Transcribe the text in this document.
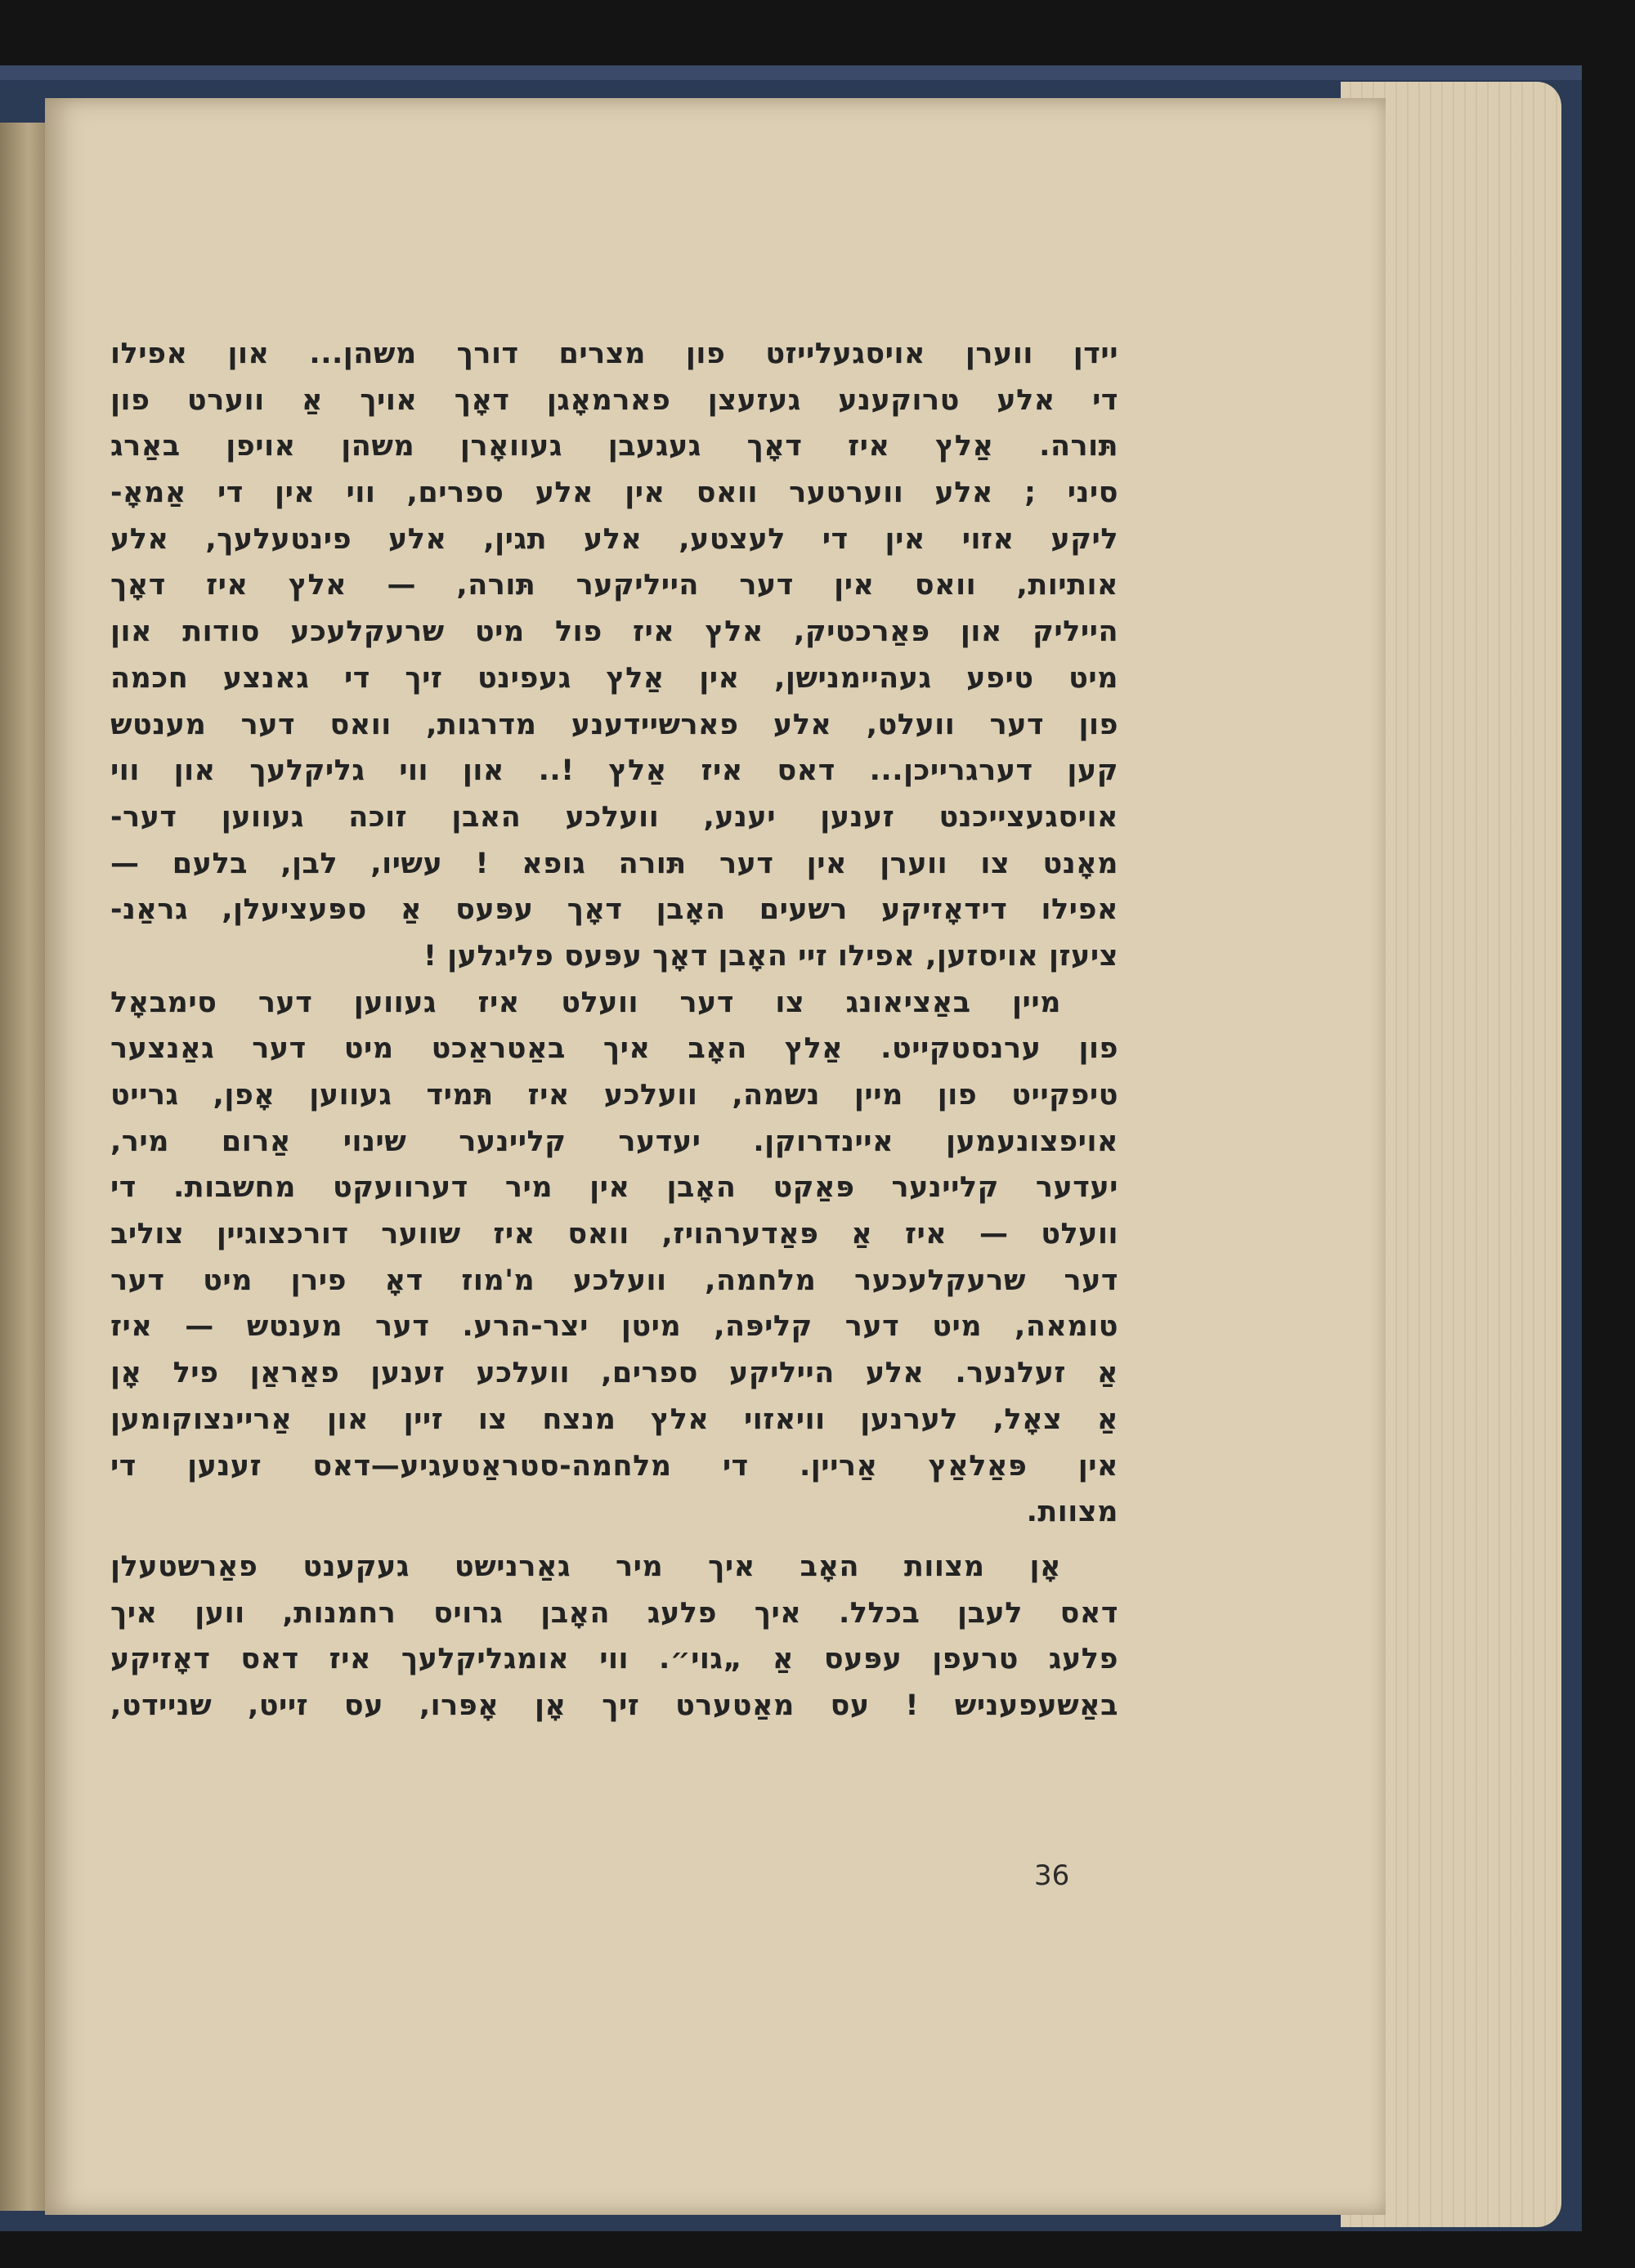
יידן ווערן אויסגעלייזט פון מצרים דורך משהן... און אפילו
די אלע טרוקענע געזעצן פארמאָגן דאָך אויך אַ ווערט פון
תּורה. אַלץ איז דאָך געגעבן געוואָרן משהן אויפן באַרג
סיני ; אלע ווערטער וואס אין אלע ספרים, ווי אין די אַמאָ-
ליקע אזוי אין די לעצטע, אלע תגין, אלע פינטעלעך, אלע
אותיות, וואס אין דער הייליקער תּורה, — אלץ איז דאָך
הייליק און פּאַרכטיק, אלץ איז פול מיט שרעקלעכע סודות און
מיט טיפע געהיימנישן, אין אַלץ געפינט זיך די גאנצע חכמה
פון דער וועלט, אלע פארשיידענע מדרגות, וואס דער מענטש
קען דערגרייכן... דאס איז אַלץ !.. און ווי גליקלעך און ווי
אויסגעצייכנט זענען יענע, וועלכע האבן זוכה געווען דער-
מאָנט צו ווערן אין דער תּורה גופא ! עשיו, לבן, בלעם —
אפילו דידאָזיקע רשעים האָבן דאָך עפּעס אַ ספּעציעלן, גראַנ-
ציעזן אויסזען, אפילו זיי האָבן דאָך עפּעס פליגלען !
מיין באַציאונג צו דער וועלט איז געווען דער סימבאָל
פון ערנסטקייט. אַלץ האָב איך באַטראַכט מיט דער גאַנצער
טיפקייט פון מיין נשמה, וועלכע איז תּמיד געווען אָפן, גרייט
אויפצונעמען איינדרוקן. יעדער קליינער שינוי אַרום מיר,
יעדער קליינער פּאַקט האָבן אין מיר דערוועקט מחשבות. די
וועלט — איז אַ פּאַדערהויז, וואס איז שווער דורכצוגיין צוליב
דער שרעקלעכער מלחמה, וועלכע מ'מוז דאָ פירן מיט דער
טומאה, מיט דער קליפּה, מיטן יצר-הרע. דער מענטש — איז
אַ זעלנער. אלע הייליקע ספרים, וועלכע זענען פאַראַן פיל אָן
אַ צאָל, לערנען וויאזוי אלץ מנצח צו זיין און אַריינצוקומען
אין פּאַלאַץ אַריין. די מלחמה-סטראַטעגיע—דאס זענען די
מצוות.
אָן מצוות האָב איך מיר גאַרנישט געקענט פאַרשטעלן
דאס לעבן בכלל. איך פלעג האָבן גרויס רחמנות, ווען איך
פלעג טרעפן עפּעס אַ „גוי״. ווי אומגליקלעך איז דאס דאָזיקע
באַשעפעניש ! עס מאַטערט זיך אָן אָפּרו, עס זייט, שניידט,
36
